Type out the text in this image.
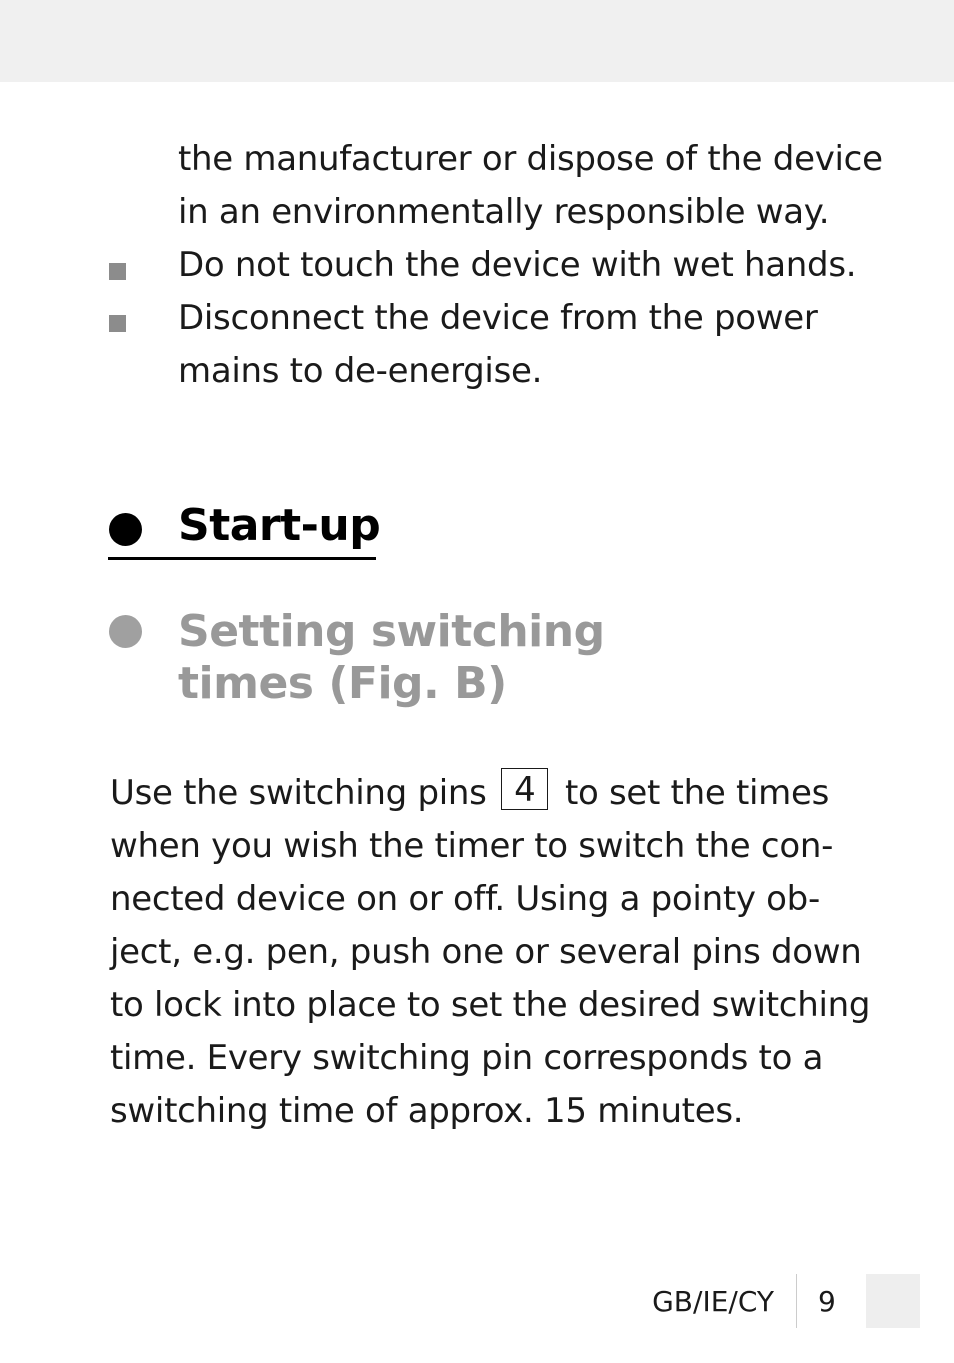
the manufacturer or dispose of the device
in an environmentally responsible way.
Do not touch the device with wet hands.
Disconnect the device from the power
mains to de-energise.
Start-up
Setting switching
times (Fig. B)
Use the switching pins 4 to set the times
when you wish the timer to switch the con-
nected device on or off. Using a pointy ob-
ject, e.g. pen, push one or several pins down
to lock into place to set the desired switching
time. Every switching pin corresponds to a
switching time of approx. 15 minutes.
GB/IE/CY 9
